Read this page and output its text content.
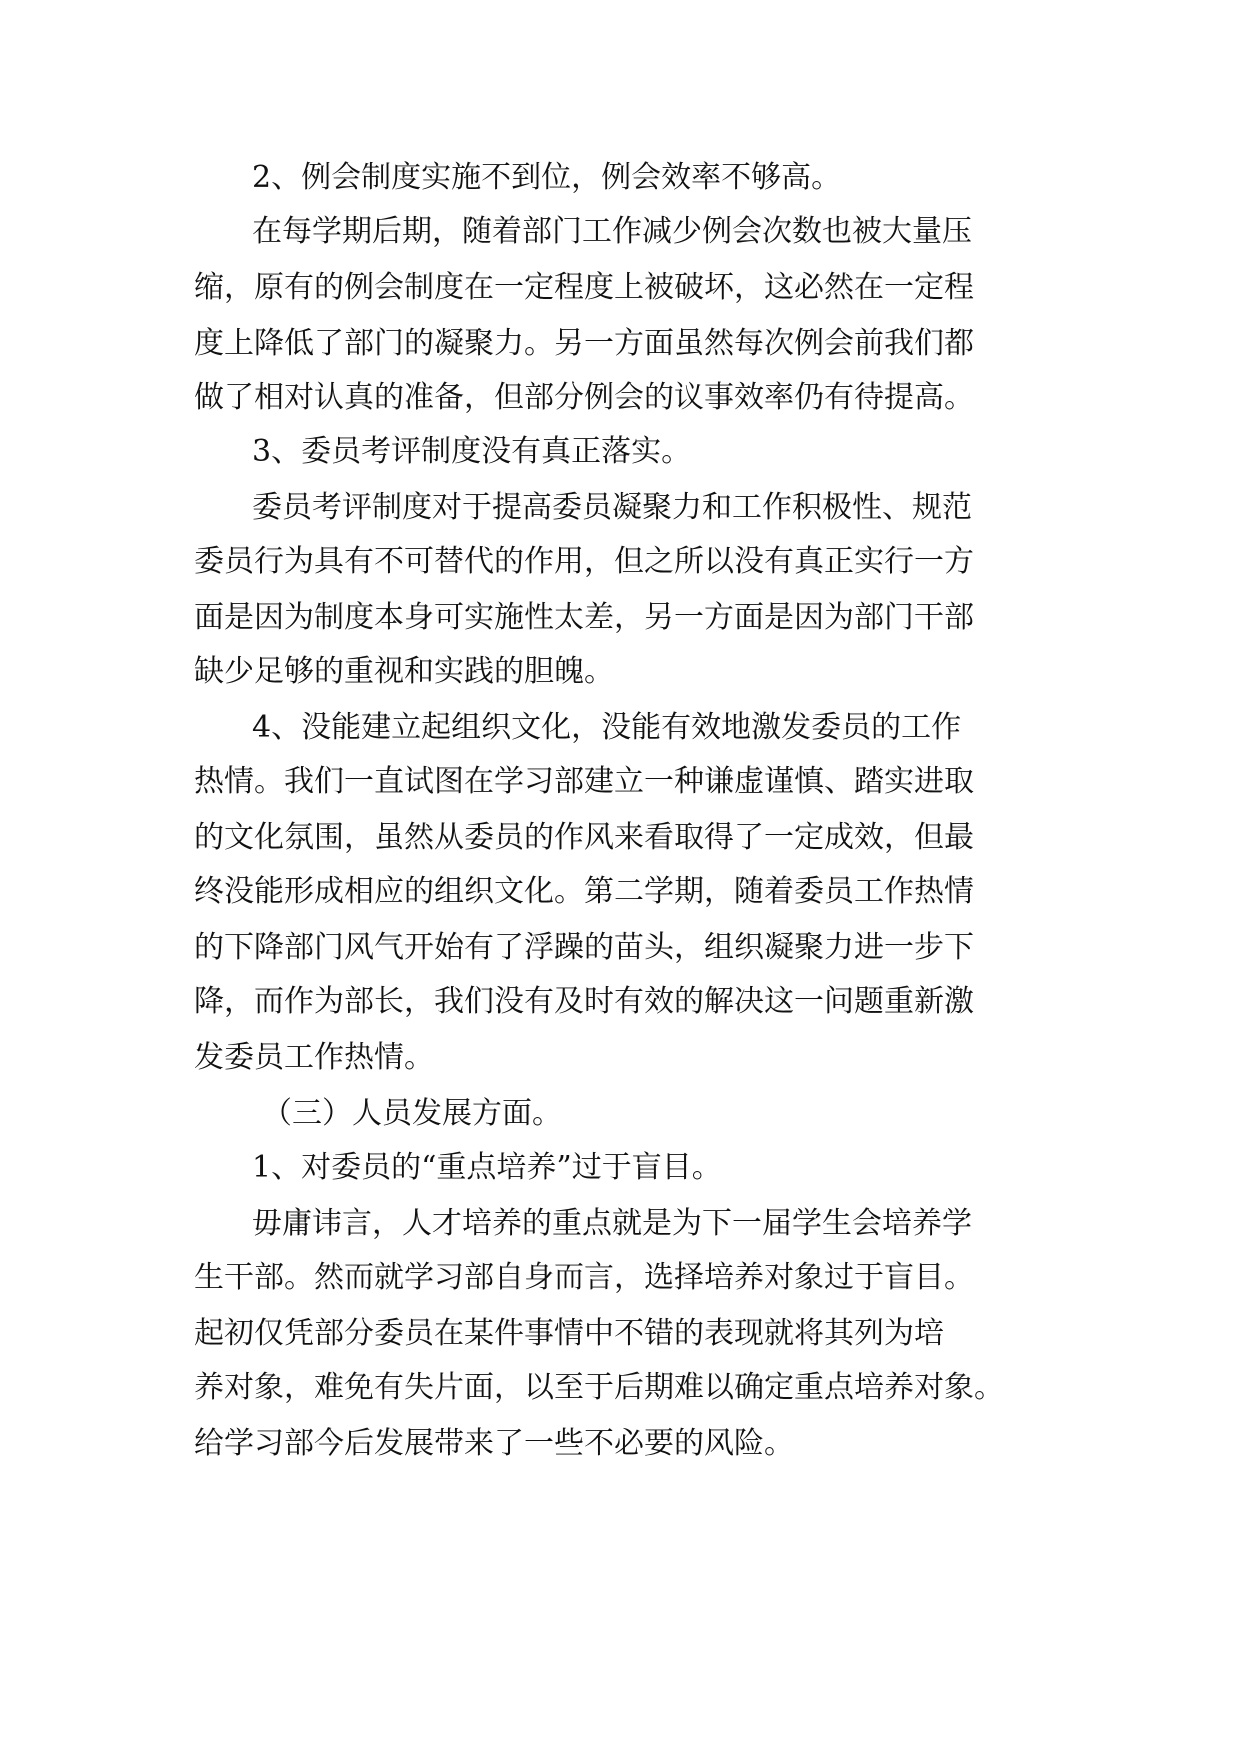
2、例会制度实施不到位，例会效率不够高。
在每学期后期，随着部门工作减少例会次数也被大量压
缩，原有的例会制度在一定程度上被破坏，这必然在一定程
度上降低了部门的凝聚力。另一方面虽然每次例会前我们都
做了相对认真的准备，但部分例会的议事效率仍有待提高。
3、委员考评制度没有真正落实。
委员考评制度对于提高委员凝聚力和工作积极性、规范
委员行为具有不可替代的作用，但之所以没有真正实行一方
面是因为制度本身可实施性太差，另一方面是因为部门干部
缺少足够的重视和实践的胆魄。
4、没能建立起组织文化，没能有效地激发委员的工作
热情。我们一直试图在学习部建立一种谦虚谨慎、踏实进取
的文化氛围，虽然从委员的作风来看取得了一定成效，但最
终没能形成相应的组织文化。第二学期，随着委员工作热情
的下降部门风气开始有了浮躁的苗头，组织凝聚力进一步下
降，而作为部长，我们没有及时有效的解决这一问题重新激
发委员工作热情。
（三）人员发展方面。
1、对委员的“重点培养”过于盲目。
毋庸讳言，人才培养的重点就是为下一届学生会培养学
生干部。然而就学习部自身而言，选择培养对象过于盲目。
起初仅凭部分委员在某件事情中不错的表现就将其列为培
养对象，难免有失片面，以至于后期难以确定重点培养对象。
给学习部今后发展带来了一些不必要的风险。
